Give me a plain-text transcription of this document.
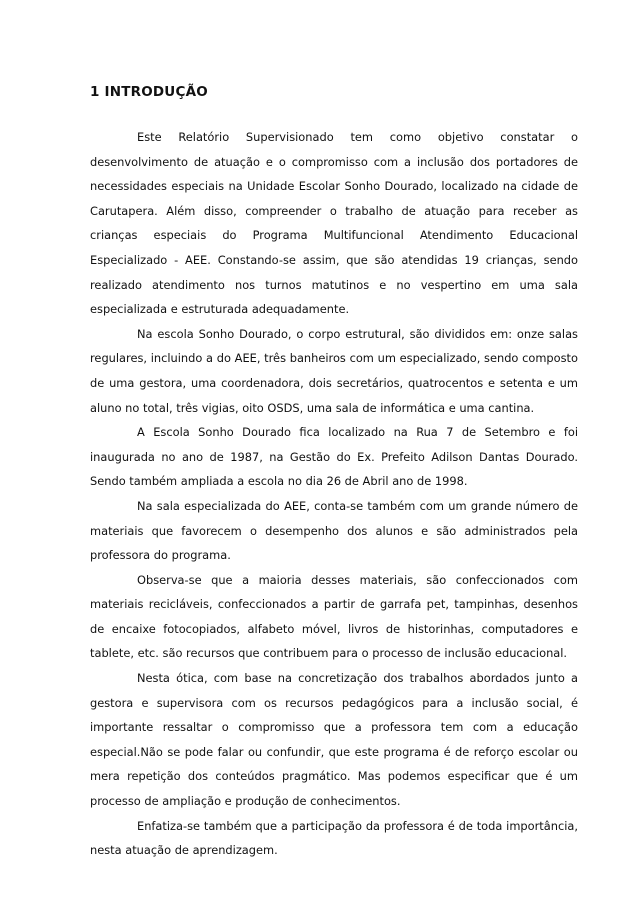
1 INTRODUÇÃO

Este Relatório Supervisionado tem como objetivo constatar o desenvolvimento de atuação e o compromisso com a inclusão dos portadores de necessidades especiais na Unidade Escolar Sonho Dourado, localizado na cidade de Carutapera. Além disso, compreender o trabalho de atuação para receber as crianças especiais do Programa Multifuncional Atendimento Educacional Especializado - AEE. Constando-se assim, que são atendidas 19 crianças, sendo realizado atendimento nos turnos matutinos e no vespertino em uma sala especializada e estruturada adequadamente.

Na escola Sonho Dourado, o corpo estrutural, são divididos em: onze salas regulares, incluindo a do AEE, três banheiros com um especializado, sendo composto de uma gestora, uma coordenadora, dois secretários, quatrocentos e setenta e um aluno no total, três vigias, oito OSDS, uma sala de informática e uma cantina.

A Escola Sonho Dourado fica localizado na Rua 7 de Setembro e foi inaugurada no ano de 1987, na Gestão do Ex. Prefeito Adilson Dantas Dourado. Sendo também ampliada a escola no dia 26 de Abril ano de 1998.

Na sala especializada do AEE, conta-se também com um grande número de materiais que favorecem o desempenho dos alunos e são administrados pela professora do programa.

Observa-se que a maioria desses materiais, são confeccionados com materiais recicláveis, confeccionados a partir de garrafa pet, tampinhas, desenhos de encaixe fotocopiados, alfabeto móvel, livros de historinhas, computadores e tablete, etc. são recursos que contribuem para o processo de inclusão educacional.

Nesta ótica, com base na concretização dos trabalhos abordados junto a gestora e supervisora com os recursos pedagógicos para a inclusão social, é importante ressaltar o compromisso que a professora tem com a educação especial.Não se pode falar ou confundir, que este programa é de reforço escolar ou mera repetição dos conteúdos pragmático. Mas podemos especificar que é um processo de ampliação e produção de conhecimentos.

Enfatiza-se também que a participação da professora é de toda importância, nesta atuação de aprendizagem.
